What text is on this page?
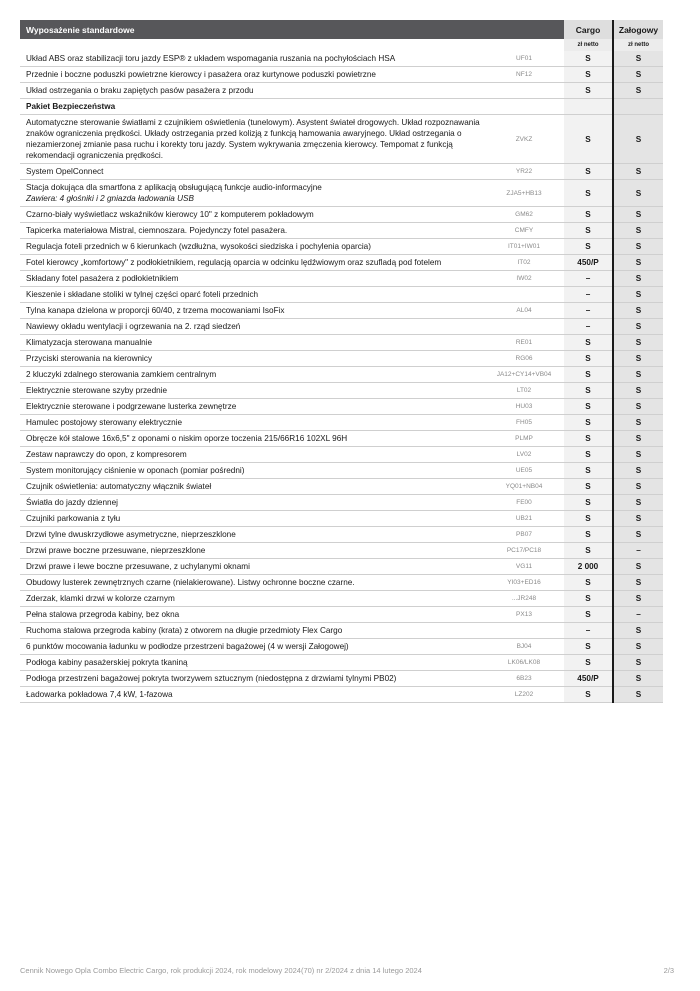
Wyposażenie standardowe		Cargo	Załogowy
		zł netto	zł netto
Układ ABS oraz stabilizacji toru jazdy ESP® z układem wspomagania ruszania na pochyłościach HSA	UF01	S	S
Przednie i boczne poduszki powietrzne kierowcy i pasażera oraz kurtynowe poduszki powietrzne	NF12	S	S
Układ ostrzegania o braku zapiętych pasów pasażera z przodu		S	S
Pakiet Bezpieczeństwa			
Automatyczne sterowanie światłami z czujnikiem oświetlenia (tunelowym). Asystent świateł drogowych. Układ rozpoznawania znaków ograniczenia prędkości. Układy ostrzegania przed kolizją z funkcją hamowania awaryjnego. Układ ostrzegania o niezamierzonej zmianie pasa ruchu i korekty toru jazdy. System wykrywania zmęczenia kierowcy. Tempomat z funkcją rekomendacji ograniczenia prędkości.	ZVKZ	S	S
System OpelConnect	YR22	S	S
Stacja dokująca dla smartfona z aplikacją obsługującą funkcje audio-informacyjne
Zawiera: 4 głośniki i 2 gniazda ładowania USB	ZJA5+HB13	S	S
Czarno-biały wyświetlacz wskaźników kierowcy 10" z komputerem pokładowym	GM62	S	S
Tapicerka materiałowa Mistral, ciemnoszara. Pojedynczy fotel pasażera.	CMFY	S	S
Regulacja foteli przednich w 6 kierunkach (wzdłużna, wysokości siedziska i pochylenia oparcia)	IT01+IW01	S	S
Fotel kierowcy „komfortowy" z podłokietnikiem, regulacją oparcia w odcinku lędźwiowym oraz szufladą pod fotelem	IT02	450/P	S
Składany fotel pasażera z podłokietnikiem	IW02	–	S
Kieszenie i składane stoliki w tylnej części oparć foteli przednich		–	S
Tylna kanapa dzielona w proporcji 60/40, z trzema mocowaniami IsoFix	AL04	–	S
Nawiewy okładu wentylacji i ogrzewania na 2. rząd siedzeń		–	S
Klimatyzacja sterowana manualnie	RE01	S	S
Przyciski sterowania na kierownicy	RG06	S	S
2 kluczyki zdalnego sterowania zamkiem centralnym	JA12+CY14+VB04	S	S
Elektrycznie sterowane szyby przednie	LT02	S	S
Elektrycznie sterowane i podgrzewane lusterka zewnętrze	HU03	S	S
Hamulec postojowy sterowany elektrycznie	FH05	S	S
Obręcze kół stalowe 16x6,5" z oponami o niskim oporze toczenia 215/66R16 102XL 96H	PLMP	S	S
Zestaw naprawczy do opon, z kompresorem	LV02	S	S
System monitorujący ciśnienie w oponach (pomiar pośredni)	UE05	S	S
Czujnik oświetlenia: automatyczny włącznik świateł	YQ01+NB04	S	S
Światła do jazdy dziennej	FE00	S	S
Czujniki parkowania z tyłu	UB21	S	S
Drzwi tylne dwuskrzydłowe asymetryczne, nieprzeszklone	PB07	S	S
Drzwi prawe boczne przesuwane, nieprzeszklone	PC17/PC18	S	–
Drzwi prawe i lewe boczne przesuwane, z uchylanymi oknami	VG11	2 000	S
Obudowy lusterek zewnętrznych czarne (nielakierowane). Listwy ochronne boczne czarne.	YI03+ED16	S	S
Zderzak, klamki drzwi w kolorze czarnym	...JR248	S	S
Pełna stalowa przegroda kabiny, bez okna	PX13	S	–
Ruchoma stalowa przegroda kabiny (krata) z otworem na długie przedmioty Flex Cargo		–	S
6 punktów mocowania ładunku w podłodze przestrzeni bagażowej (4 w wersji Załogowej)	BJ04	S	S
Podłoga kabiny pasażerskiej pokryta tkaniną	LK06/LK08	S	S
Podłoga przestrzeni bagażowej pokryta tworzywem sztucznym (niedostępna z drzwiami tylnymi PB02)	6B23	450/P	S
Ładowarka pokładowa 7,4 kW, 1-fazowa	LZ202	S	S
Cennik Nowego Opla Combo Electric Cargo, rok produkcji 2024, rok modelowy 2024(70) nr 2/2024 z dnia 14 lutego 2024	2/3
